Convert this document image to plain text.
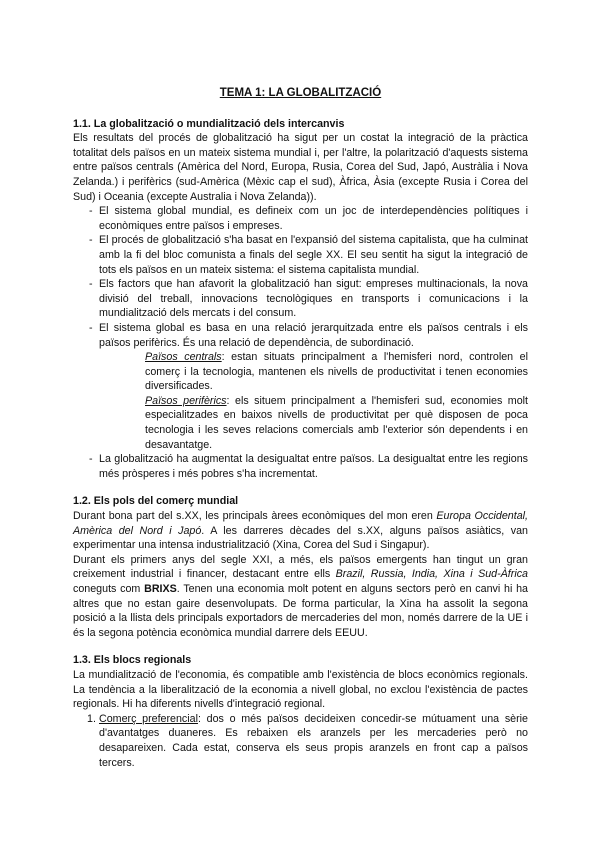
TEMA 1: LA GLOBALITZACIÓ

1.1. La globalització o mundialització dels intercanvis

Els resultats del procés de globalització ha sigut per un costat la integració de la pràctica totalitat dels països en un mateix sistema mundial i, per l'altre, la polarització d'aquests sistema entre països centrals (Amèrica del Nord, Europa, Rusia, Corea del Sud, Japó, Austràlia i Nova Zelanda.) i perifèrics (sud-Amèrica (Mèxic cap el sud), Àfrica, Àsia (excepte Rusia i Corea del Sud) i Oceania (excepte Australia i Nova Zelanda)).

- El sistema global mundial, es defineix com un joc de interdependències polítiques i econòmiques entre països i empreses.
- El procés de globalització s'ha basat en l'expansió del sistema capitalista, que ha culminat amb la fi del bloc comunista a finals del segle XX. El seu sentit ha sigut la integració de tots els països en un mateix sistema: el sistema capitalista mundial.
- Els factors que han afavorit la globalització han sigut: empreses multinacionals, la nova divisió del treball, innovacions tecnològiques en transports i comunicacions i la mundialització dels mercats i del consum.
- El sistema global es basa en una relació jerarquitzada entre els països centrals i els països perifèrics. És una relació de dependència, de subordinació.
Països centrals: estan situats principalment a l'hemisferi nord, controlen el comerç i la tecnologia, mantenen els nivells de productivitat i tenen economies diversificades.
Països perifèrics: els situem principalment a l'hemisferi sud, economies molt especialitzades en baixos nivells de productivitat per què disposen de poca tecnologia i les seves relacions comercials amb l'exterior són dependents i en desavantatge.
- La globalització ha augmentat la desigualtat entre països. La desigualtat entre les regions més pròsperes i més pobres s'ha incrementat.
1.2. Els pols del comerç mundial

Durant bona part del s.XX, les principals àrees econòmiques del mon eren Europa Occidental, Amèrica del Nord i Japó. A les darreres dècades del s.XX, alguns països asiàtics, van experimentar una intensa industrialització (Xina, Corea del Sud i Singapur).

Durant els primers anys del segle XXI, a més, els països emergents han tingut un gran creixement industrial i financer, destacant entre ells Brazil, Russia, India, Xina i Sud-Àfrica coneguts com BRIXS. Tenen una economia molt potent en alguns sectors però en canvi hi ha altres que no estan gaire desenvolupats. De forma particular, la Xina ha assolit la segona posició a la llista dels principals exportadors de mercaderies del mon, només darrere de la UE i és la segona potència econòmica mundial darrere dels EEUU.

1.3. Els blocs regionals

La mundialització de l'economia, és compatible amb l'existència de blocs econòmics regionals. La tendència a la liberalització de la economia a nivell global, no exclou l'existència de pactes regionals. Hi ha diferents nivells d'integració regional.

1. Comerç preferencial: dos o més països decideixen concedir-se mútuament una sèrie d'avantatges duaneres. Es rebaixen els aranzels per les mercaderies però no desapareixen. Cada estat, conserva els seus propis aranzels en front cap a països tercers.
